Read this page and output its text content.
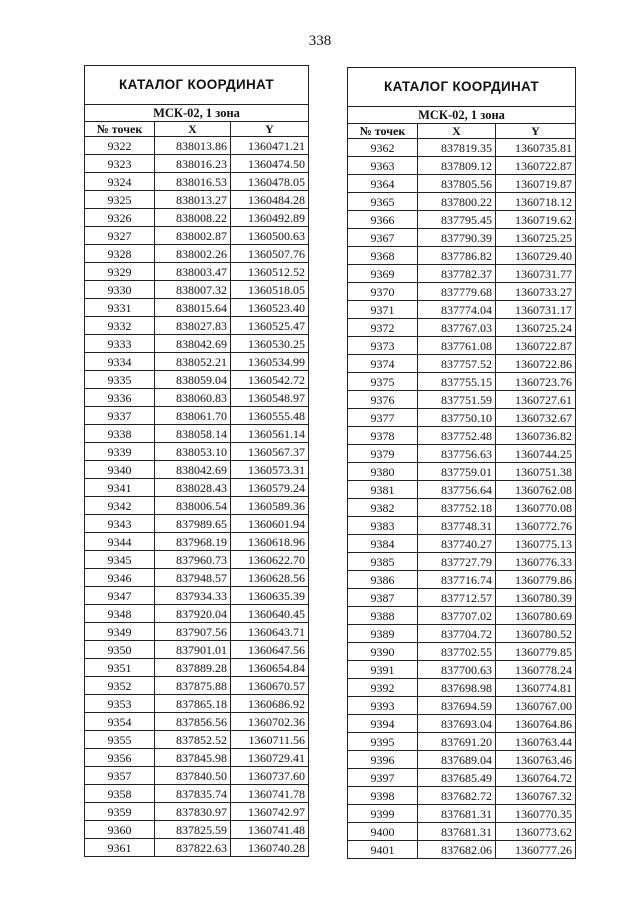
338
КАТАЛОГ КООРДИНАТ		
МСК-02, 1 зона		
№ точек	X	Y
9322	838013.86	1360471.21
9323	838016.23	1360474.50
9324	838016.53	1360478.05
9325	838013.27	1360484.28
9326	838008.22	1360492.89
9327	838002.87	1360500.63
9328	838002.26	1360507.76
9329	838003.47	1360512.52
9330	838007.32	1360518.05
9331	838015.64	1360523.40
9332	838027.83	1360525.47
9333	838042.69	1360530.25
9334	838052.21	1360534.99
9335	838059.04	1360542.72
9336	838060.83	1360548.97
9337	838061.70	1360555.48
9338	838058.14	1360561.14
9339	838053.10	1360567.37
9340	838042.69	1360573.31
9341	838028.43	1360579.24
9342	838006.54	1360589.36
9343	837989.65	1360601.94
9344	837968.19	1360618.96
9345	837960.73	1360622.70
9346	837948.57	1360628.56
9347	837934.33	1360635.39
9348	837920.04	1360640.45
9349	837907.56	1360643.71
9350	837901.01	1360647.56
9351	837889.28	1360654.84
9352	837875.88	1360670.57
9353	837865.18	1360686.92
9354	837856.56	1360702.36
9355	837852.52	1360711.56
9356	837845.98	1360729.41
9357	837840.50	1360737.60
9358	837835.74	1360741.78
9359	837830.97	1360742.97
9360	837825.59	1360741.48
9361	837822.63	1360740.28
КАТАЛОГ КООРДИНАТ		
МСК-02, 1 зона		
№ точек	X	Y
9362	837819.35	1360735.81
9363	837809.12	1360722.87
9364	837805.56	1360719.87
9365	837800.22	1360718.12
9366	837795.45	1360719.62
9367	837790.39	1360725.25
9368	837786.82	1360729.40
9369	837782.37	1360731.77
9370	837779.68	1360733.27
9371	837774.04	1360731.17
9372	837767.03	1360725.24
9373	837761.08	1360722.87
9374	837757.52	1360722.86
9375	837755.15	1360723.76
9376	837751.59	1360727.61
9377	837750.10	1360732.67
9378	837752.48	1360736.82
9379	837756.63	1360744.25
9380	837759.01	1360751.38
9381	837756.64	1360762.08
9382	837752.18	1360770.08
9383	837748.31	1360772.76
9384	837740.27	1360775.13
9385	837727.79	1360776.33
9386	837716.74	1360779.86
9387	837712.57	1360780.39
9388	837707.02	1360780.69
9389	837704.72	1360780.52
9390	837702.55	1360779.85
9391	837700.63	1360778.24
9392	837698.98	1360774.81
9393	837694.59	1360767.00
9394	837693.04	1360764.86
9395	837691.20	1360763.44
9396	837689.04	1360763.46
9397	837685.49	1360764.72
9398	837682.72	1360767.32
9399	837681.31	1360770.35
9400	837681.31	1360773.62
9401	837682.06	1360777.26
